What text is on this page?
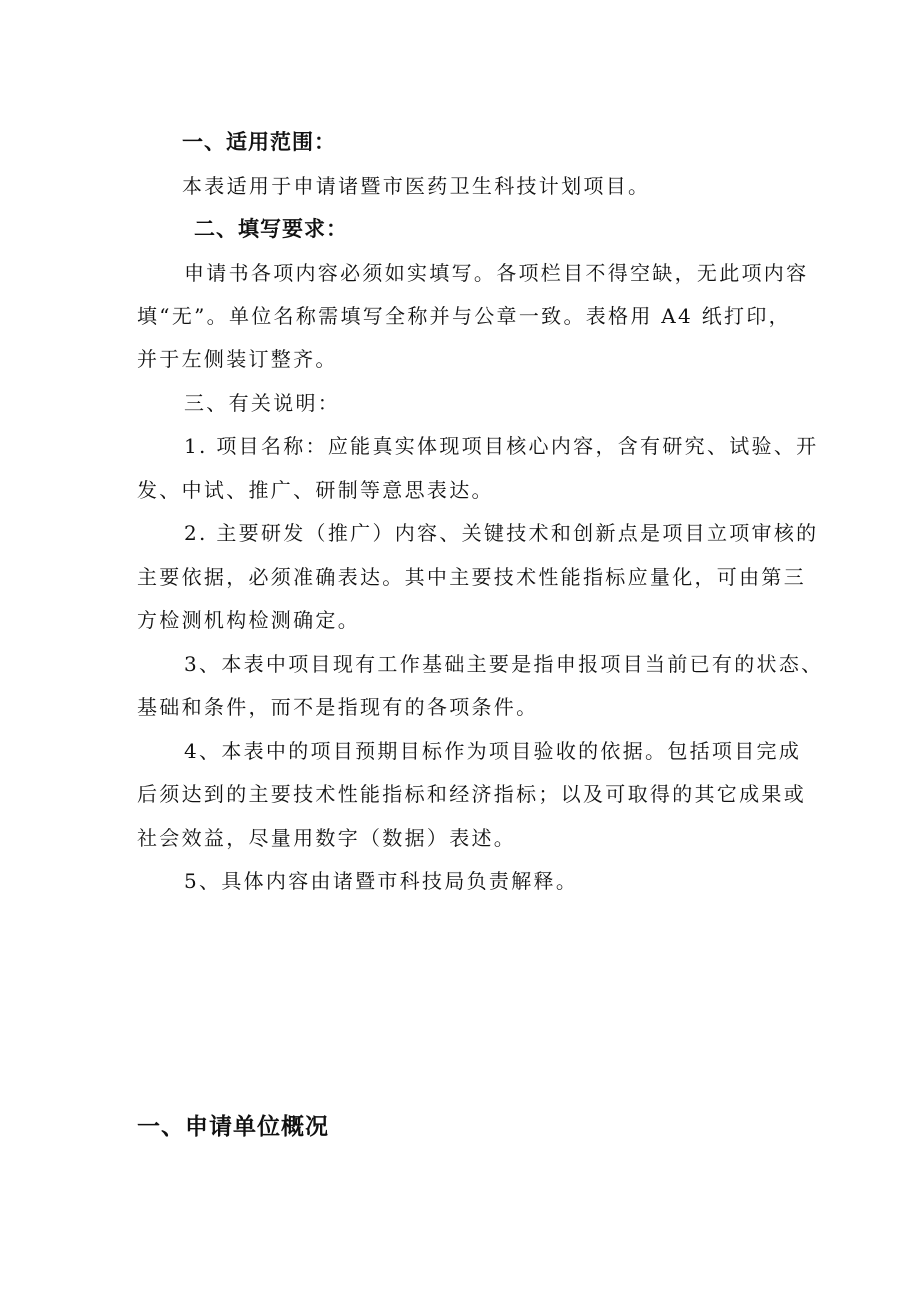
一、适用范围：

本表适用于申请诸暨市医药卫生科技计划项目。

二、填写要求：

申请书各项内容必须如实填写。各项栏目不得空缺，无此项内容

填“无”。单位名称需填写全称并与公章一致。表格用 A4 纸打印，

并于左侧装订整齐。

三、有关说明：

1. 项目名称：应能真实体现项目核心内容，含有研究、试验、开

发、中试、推广、研制等意思表达。

2. 主要研发（推广）内容、关键技术和创新点是项目立项审核的

主要依据，必须准确表达。其中主要技术性能指标应量化，可由第三

方检测机构检测确定。

3、本表中项目现有工作基础主要是指申报项目当前已有的状态、

基础和条件，而不是指现有的各项条件。

4、本表中的项目预期目标作为项目验收的依据。包括项目完成

后须达到的主要技术性能指标和经济指标；以及可取得的其它成果或

社会效益，尽量用数字（数据）表述。

5、具体内容由诸暨市科技局负责解释。

一、申请单位概况
